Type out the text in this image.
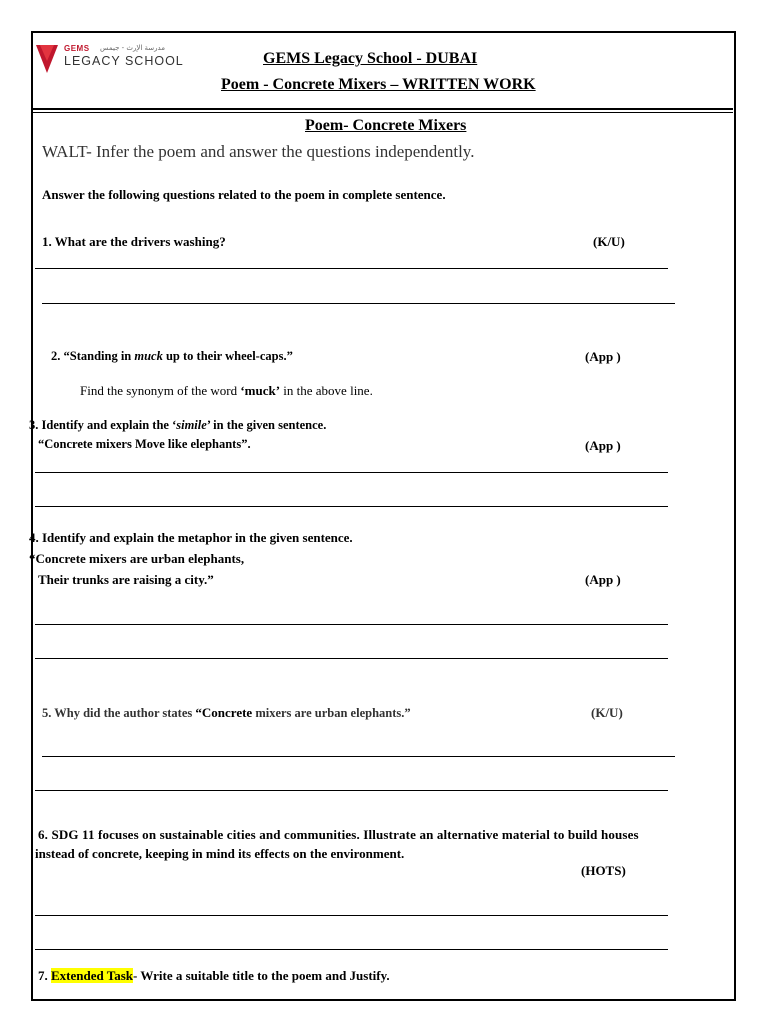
GEMS مدرسة الإرث - جيمس
LEGACY SCHOOL	GEMS Legacy School - DUBAI
Poem - Concrete Mixers – WRITTEN WORK
Poem- Concrete Mixers
WALT- Infer the poem and answer the questions independently.
Answer the following questions related to the poem in complete sentence.
1. What are the drivers washing?	(K/U)
2. “Standing in muck up to their wheel-caps.”	(App )
Find the synonym of the word ‘muck’ in the above line.
3. Identify and explain the ‘simile’ in the given sentence.
“Concrete mixers Move like elephants”.	(App )
4. Identify and explain the metaphor in the given sentence.
“Concrete mixers are urban elephants,
Their trunks are raising a city.”	(App )
5. Why did the author states “Concrete mixers are urban elephants.”	(K/U)
6. SDG 11 focuses on sustainable cities and communities. Illustrate an alternative material to build houses
instead of concrete, keeping in mind its effects on the environment.
(HOTS)
7. Extended Task- Write a suitable title to the poem and Justify.
